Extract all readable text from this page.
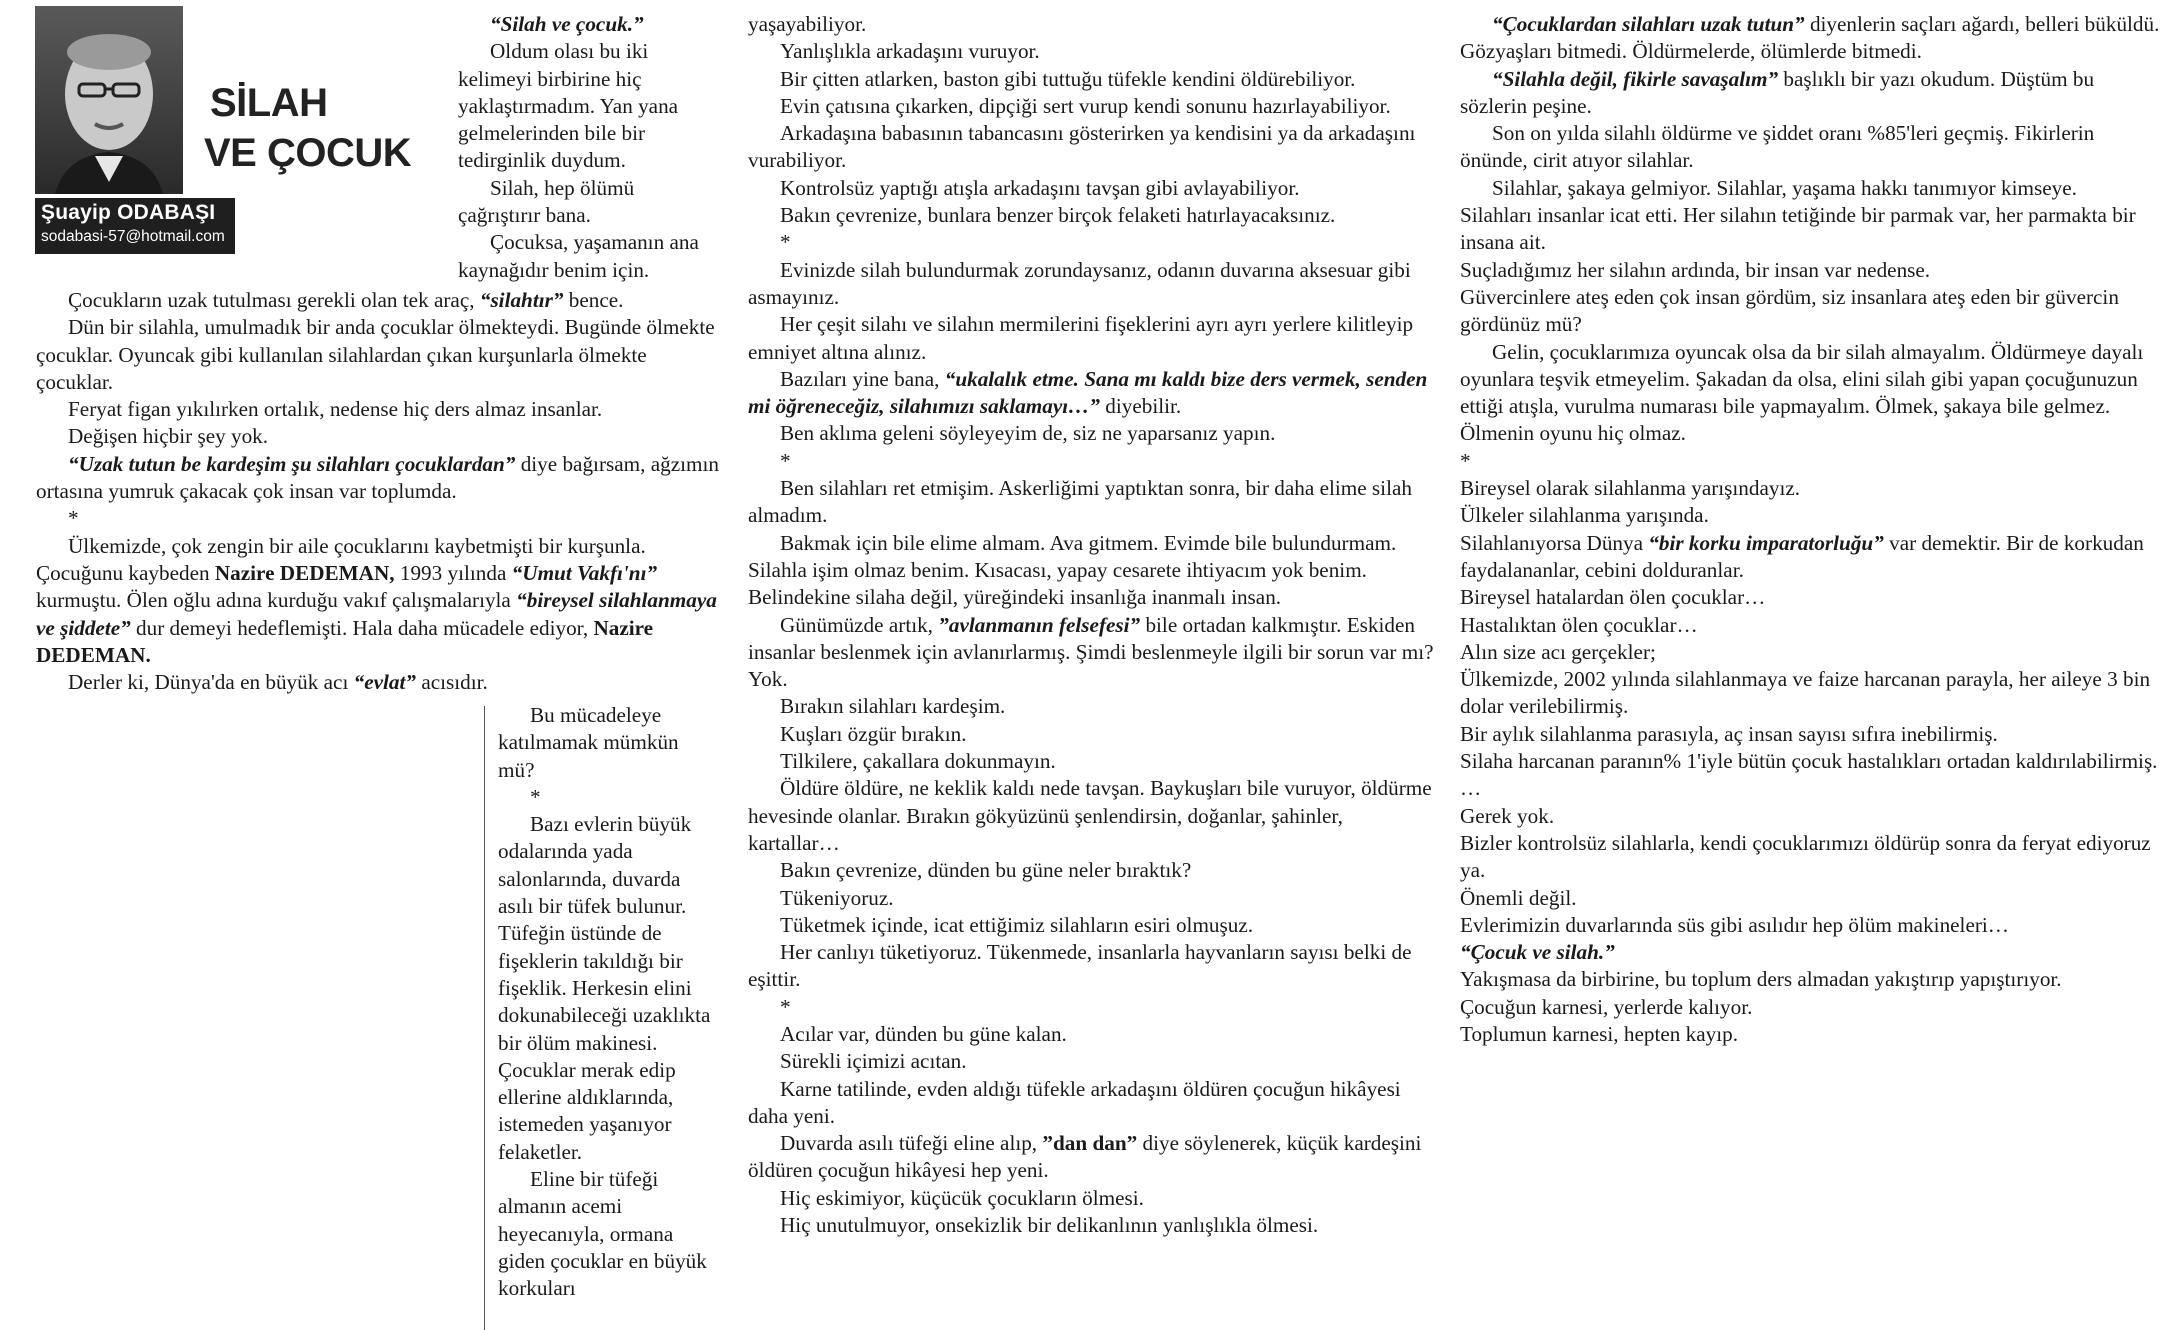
Şuayip ODABAŞI
sodabasi-57@hotmail.com
SİLAH
VE ÇOCUK

“Silah ve çocuk.”

Oldum olası bu iki kelimeyi birbirine hiç yaklaştırmadım. Yan yana gelmelerinden bile bir tedirginlik duydum.

Silah, hep ölümü çağrıştırır bana.

Çocuksa, yaşamanın ana kaynağıdır benim için.

Çocukların uzak tutulması gerekli olan tek araç, “silahtır” bence.

Dün bir silahla, umulmadık bir anda çocuklar ölmekteydi. Bugünde ölmekte çocuklar. Oyuncak gibi kullanılan silahlardan çıkan kurşunlarla ölmekte çocuklar.

Feryat figan yıkılırken ortalık, nedense hiç ders almaz insanlar.

Değişen hiçbir şey yok.

“Uzak tutun be kardeşim şu silahları çocuklardan” diye bağırsam, ağzımın ortasına yumruk çakacak çok insan var toplumda.

*

Ülkemizde, çok zengin bir aile çocuklarını kaybetmişti bir kurşunla. Çocuğunu kaybeden Nazire DEDEMAN, 1993 yılında “Umut Vakfı'nı” kurmuştu. Ölen oğlu adına kurduğu vakıf çalışmalarıyla “bireysel silahlanmaya ve şiddete” dur demeyi hedeflemişti. Hala daha mücadele ediyor, Nazire DEDEMAN.

Derler ki, Dünya'da en büyük acı “evlat” acısıdır.

Bu mücadeleye katılmamak mümkün mü?

*

Bazı evlerin büyük odalarında yada salonlarında, duvarda asılı bir tüfek bulunur. Tüfeğin üstünde de fişeklerin takıldığı bir fişeklik. Herkesin elini dokunabileceği uzaklıkta bir ölüm makinesi. Çocuklar merak edip ellerine aldıklarında, istemeden yaşanıyor felaketler.

Eline bir tüfeği almanın acemi heyecanıyla, ormana giden çocuklar en büyük korkuları

yaşayabiliyor.

Yanlışlıkla arkadaşını vuruyor.

Bir çitten atlarken, baston gibi tuttuğu tüfekle kendini öldürebiliyor.

Evin çatısına çıkarken, dipçiği sert vurup kendi sonunu hazırlayabiliyor.

Arkadaşına babasının tabancasını gösterirken ya kendisini ya da arkadaşını vurabiliyor.

Kontrolsüz yaptığı atışla arkadaşını tavşan gibi avlayabiliyor.

Bakın çevrenize, bunlara benzer birçok felaketi hatırlayacaksınız.

*

Evinizde silah bulundurmak zorundaysanız, odanın duvarına aksesuar gibi asmayınız.

Her çeşit silahı ve silahın mermilerini fişeklerini ayrı ayrı yerlere kilitleyip emniyet altına alınız.

Bazıları yine bana, “ukalalık etme. Sana mı kaldı bize ders vermek, senden mi öğreneceğiz, silahımızı saklamayı…” diyebilir.

Ben aklıma geleni söyleyeyim de, siz ne yaparsanız yapın.

*

Ben silahları ret etmişim. Askerliğimi yaptıktan sonra, bir daha elime silah almadım.

Bakmak için bile elime almam. Ava gitmem. Evimde bile bulundurmam. Silahla işim olmaz benim. Kısacası, yapay cesarete ihtiyacım yok benim. Belindekine silaha değil, yüreğindeki insanlığa inanmalı insan.

Günümüzde artık, ”avlanmanın felsefesi” bile ortadan kalkmıştır. Eskiden insanlar beslenmek için avlanırlarmış. Şimdi beslenmeyle ilgili bir sorun var mı? Yok.

Bırakın silahları kardeşim.

Kuşları özgür bırakın.

Tilkilere, çakallara dokunmayın.

Öldüre öldüre, ne keklik kaldı nede tavşan. Baykuşları bile vuruyor, öldürme hevesinde olanlar. Bırakın gökyüzünü şenlendirsin, doğanlar, şahinler, kartallar…

Bakın çevrenize, dünden bu güne neler bıraktık?

Tükeniyoruz.

Tüketmek içinde, icat ettiğimiz silahların esiri olmuşuz.

Her canlıyı tüketiyoruz. Tükenmede, insanlarla hayvanların sayısı belki de eşittir.

*

Acılar var, dünden bu güne kalan.

Sürekli içimizi acıtan.

Karne tatilinde, evden aldığı tüfekle arkadaşını öldüren çocuğun hikâyesi daha yeni.

Duvarda asılı tüfeği eline alıp, ”dan dan” diye söylenerek, küçük kardeşini öldüren çocuğun hikâyesi hep yeni.

Hiç eskimiyor, küçücük çocukların ölmesi.

Hiç unutulmuyor, onsekizlik bir delikanlının yanlışlıkla ölmesi.

“Çocuklardan silahları uzak tutun” diyenlerin saçları ağardı, belleri büküldü. Gözyaşları bitmedi. Öldürmelerde, ölümlerde bitmedi.

“Silahla değil, fikirle savaşalım” başlıklı bir yazı okudum. Düştüm bu sözlerin peşine.

Son on yılda silahlı öldürme ve şiddet oranı %85'leri geçmiş. Fikirlerin önünde, cirit atıyor silahlar.

Silahlar, şakaya gelmiyor. Silahlar, yaşama hakkı tanımıyor kimseye.

Silahları insanlar icat etti. Her silahın tetiğinde bir parmak var, her parmakta bir insana ait.

Suçladığımız her silahın ardında, bir insan var nedense.

Güvercinlere ateş eden çok insan gördüm, siz insanlara ateş eden bir güvercin gördünüz mü?

Gelin, çocuklarımıza oyuncak olsa da bir silah almayalım. Öldürmeye dayalı oyunlara teşvik etmeyelim. Şakadan da olsa, elini silah gibi yapan çocuğunuzun ettiği atışla, vurulma numarası bile yapmayalım. Ölmek, şakaya bile gelmez. Ölmenin oyunu hiç olmaz.

*

Bireysel olarak silahlanma yarışındayız.

Ülkeler silahlanma yarışında.

Silahlanıyorsa Dünya “bir korku imparatorluğu” var demektir. Bir de korkudan faydalananlar, cebini dolduranlar.

Bireysel hatalardan ölen çocuklar…

Hastalıktan ölen çocuklar…

Alın size acı gerçekler;

Ülkemizde, 2002 yılında silahlanmaya ve faize harcanan parayla, her aileye 3 bin dolar verilebilirmiş.

Bir aylık silahlanma parasıyla, aç insan sayısı sıfıra inebilirmiş.

Silaha harcanan paranın% 1'iyle bütün çocuk hastalıkları ortadan kaldırılabilirmiş.

…

Gerek yok.

Bizler kontrolsüz silahlarla, kendi çocuklarımızı öldürüp sonra da feryat ediyoruz ya.

Önemli değil.

Evlerimizin duvarlarında süs gibi asılıdır hep ölüm makineleri…

“Çocuk ve silah.”

Yakışmasa da birbirine, bu toplum ders almadan yakıştırıp yapıştırıyor.

Çocuğun karnesi, yerlerde kalıyor.

Toplumun karnesi, hepten kayıp.
